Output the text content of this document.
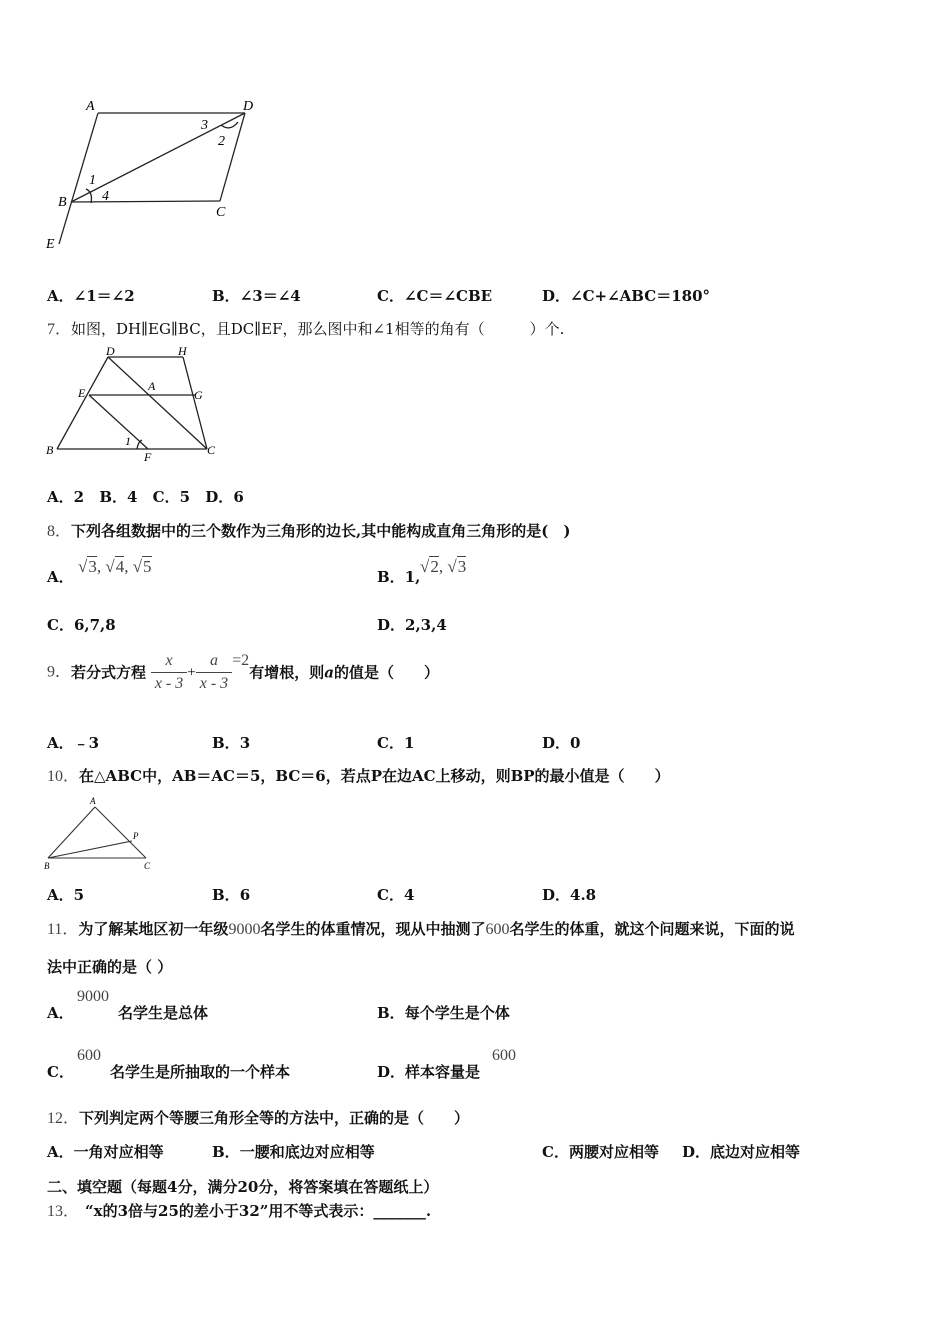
A	D
B
C
E
1
2
3
4
A．∠1＝∠2	B．∠3＝∠4	C．∠C＝∠CBE	D．∠C+∠ABC＝180°
7．如图，DH∥EG∥BC，且DC∥EF，那么图中和∠1相等的角有（　　　）个.
D	H
E	A
G
B
1
F	C
A．2 B．4 C．5 D．6
8．下列各组数据中的三个数作为三角形的边长,其中能构成直角三角形的是(　)
A．
√3, √4, √5
B．1,
√2, √3
C．6,7,8	D．2,3,4
9．若分式方程 $\frac{x}{x - 3} + \frac{a}{x - 3} =2$有增根，则a的值是（　　）
A．﹣3	B．3	C．1	D．0
10．在△ABC中，AB＝AC＝5，BC＝6，若点P在边AC上移动，则BP的最小值是（　　）
A
P
B	C
A．5	B．6	C．4	D．4.8
11．为了解某地区初一年级9000名学生的体重情况，现从中抽测了600名学生的体重，就这个问题来说，下面的说
法中正确的是（ ）
A．
9000
名学生是总体	B．每个学生是个体
C．
600
名学生是所抽取的一个样本	D．样本容量是
600
12．下列判定两个等腰三角形全等的方法中，正确的是（　　）
A．一角对应相等	B．一腰和底边对应相等	C．两腰对应相等 D．底边对应相等
二、填空题（每题4分，满分20分，将答案填在答题纸上）
13． “x的3倍与25的差小于32”用不等式表示：_______.
